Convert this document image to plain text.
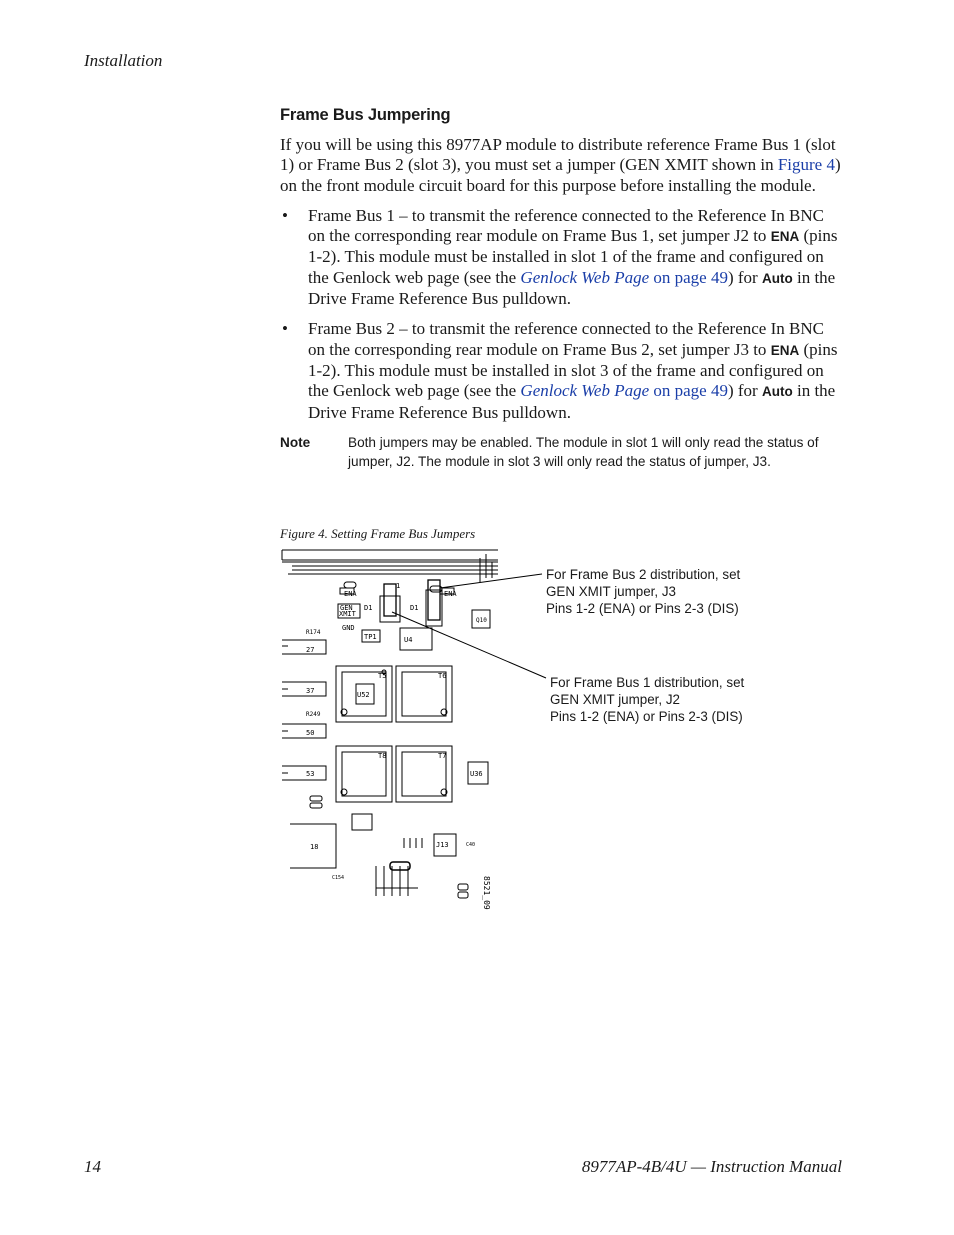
Installation
Frame Bus Jumpering

If you will be using this 8977AP module to distribute reference Frame Bus 1 (slot 1) or Frame Bus 2 (slot 3), you must set a jumper (GEN XMIT shown in Figure 4) on the front module circuit board for this purpose before installing the module.

• Frame Bus 1 – to transmit the reference connected to the Reference In BNC on the corresponding rear module on Frame Bus 1, set jumper J2 to ENA (pins 1-2). This module must be installed in slot 1 of the frame and configured on the Genlock web page (see the Genlock Web Page on page 49) for Auto in the Drive Frame Reference Bus pulldown.
• Frame Bus 2 – to transmit the reference connected to the Reference In BNC on the corresponding rear module on Frame Bus 2, set jumper J3 to ENA (pins 1-2). This module must be installed in slot 3 of the frame and configured on the Genlock web page (see the Genlock Web Page on page 49) for Auto in the Drive Frame Reference Bus pulldown.
Note	Both jumpers may be enabled. The module in slot 1 will only read the status of jumper, J2. The module in slot 3 will only read the status of jumper, J3.
Figure 4. Setting Frame Bus Jumpers
ENA	ENA
GEN
XMIT
GND
TP1
D1	D1
U4
1
Q10
R174
27
37
R249
50
53
T5	T6
T8	T7
U52
U36
J13
18	C40
C154	8521_09
For Frame Bus 2 distribution, set
GEN XMIT jumper, J3
Pins 1-2 (ENA) or Pins 2-3 (DIS)
For Frame Bus 1 distribution, set
GEN XMIT jumper, J2
Pins 1-2 (ENA) or Pins 2-3 (DIS)
14	8977AP-4B/4U — Instruction Manual
